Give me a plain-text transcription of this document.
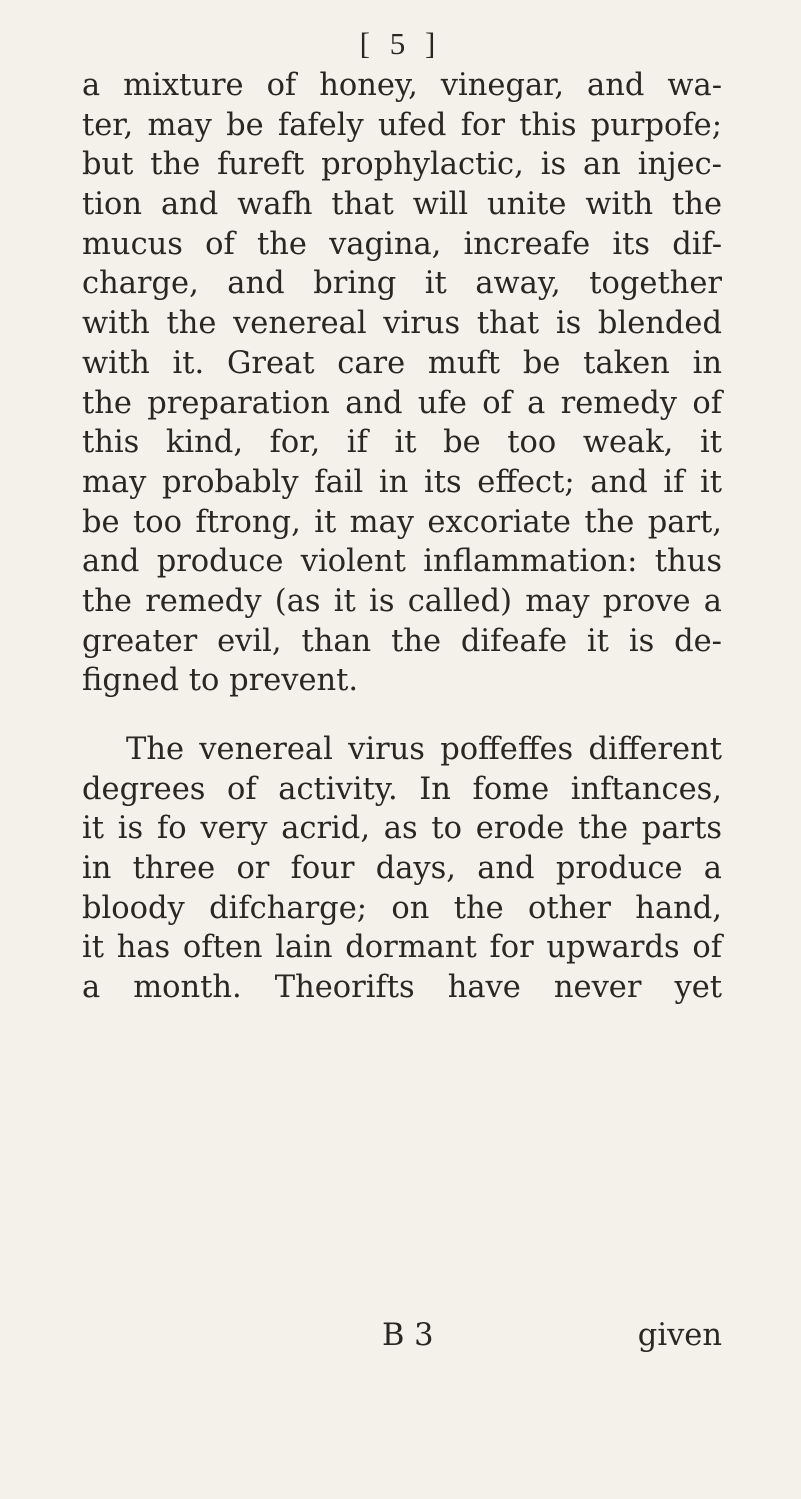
[ 5 ]
a mixture of honey, vinegar, and wa-
ter, may be fafely ufed for this purpofe;
but the fureft prophylactic, is an injec-
tion and wafh that will unite with the
mucus of the vagina, increafe its dif-
charge, and bring it away, together
with the venereal virus that is blended
with it. Great care muft be taken in
the preparation and ufe of a remedy of
this kind, for, if it be too weak, it
may probably fail in its effect; and if it
be too ftrong, it may excoriate the part,
and produce violent inflammation: thus
the remedy (as it is called) may prove a
greater evil, than the difeafe it is de-
figned to prevent.
The venereal virus poffeffes different
degrees of activity. In fome inftances,
it is fo very acrid, as to erode the parts
in three or four days, and produce a
bloody difcharge; on the other hand,
it has often lain dormant for upwards of
a month. Theorifts have never yet
B 3	given
